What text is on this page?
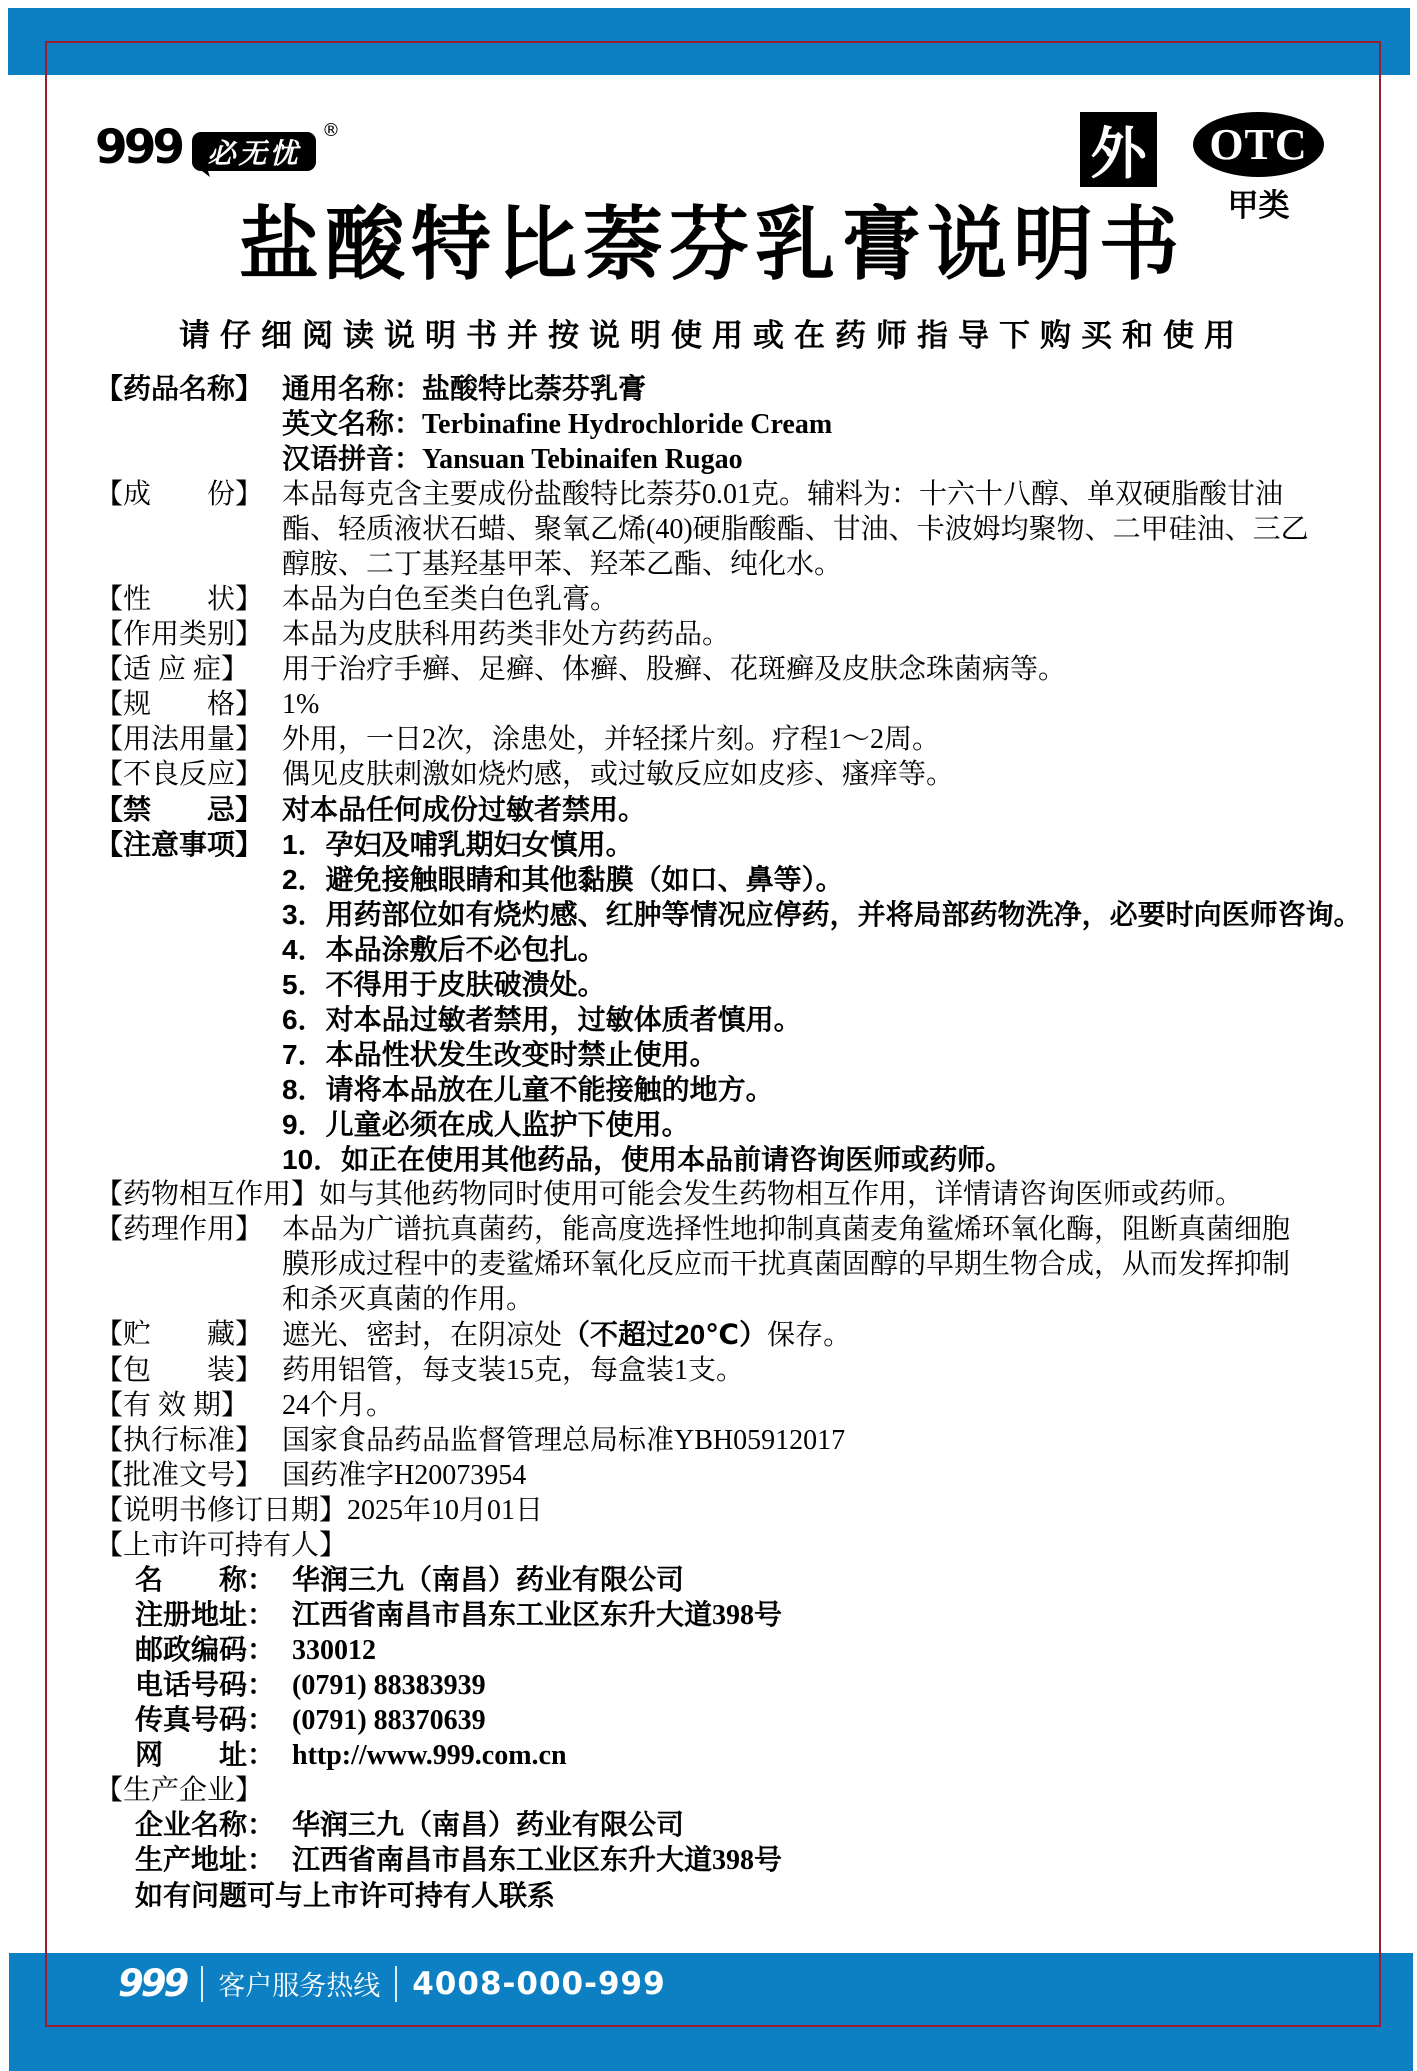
999 必无忧
®	外	OTC
甲类
盐酸特比萘芬乳膏说明书
请仔细阅读说明书并按说明使用或在药师指导下购买和使用
【药品名称】 通用名称：盐酸特比萘芬乳膏
英文名称：Terbinafine Hydrochloride Cream
汉语拼音：Yansuan Tebinaifen Rugao
【成　　份】 本品每克含主要成份盐酸特比萘芬0.01克。辅料为：十六十八醇、单双硬脂酸甘油
酯、轻质液状石蜡、聚氧乙烯(40)硬脂酸酯、甘油、卡波姆均聚物、二甲硅油、三乙
醇胺、二丁基羟基甲苯、羟苯乙酯、纯化水。
【性　　状】 本品为白色至类白色乳膏。
【作用类别】 本品为皮肤科用药类非处方药药品。
【适 应 症】	用于治疗手癣、足癣、体癣、股癣、花斑癣及皮肤念珠菌病等。
【规　　格】 1%
【用法用量】 外用，一日2次，涂患处，并轻揉片刻。疗程1～2周。
【不良反应】 偶见皮肤刺激如烧灼感，或过敏反应如皮疹、瘙痒等。
【禁　　忌】 对本品任何成份过敏者禁用。
【注意事项】 1．孕妇及哺乳期妇女慎用。
2．避免接触眼睛和其他黏膜（如口、鼻等）。
3．用药部位如有烧灼感、红肿等情况应停药，并将局部药物洗净，必要时向医师咨询。
4．本品涂敷后不必包扎。
5．不得用于皮肤破溃处。
6．对本品过敏者禁用，过敏体质者慎用。
7．本品性状发生改变时禁止使用。
8．请将本品放在儿童不能接触的地方。
9．儿童必须在成人监护下使用。
10．如正在使用其他药品，使用本品前请咨询医师或药师。
【药物相互作用】 如与其他药物同时使用可能会发生药物相互作用，详情请咨询医师或药师。
【药理作用】 本品为广谱抗真菌药，能高度选择性地抑制真菌麦角鲨烯环氧化酶，阻断真菌细胞
膜形成过程中的麦鲨烯环氧化反应而干扰真菌固醇的早期生物合成，从而发挥抑制
和杀灭真菌的作用。
【贮　　藏】 遮光、密封，在阴凉处（不超过20℃）保存。
【包　　装】 药用铝管，每支装15克，每盒装1支。
【有 效 期】	24个月。
【执行标准】 国家食品药品监督管理总局标准YBH05912017
【批准文号】 国药准字H20073954
【说明书修订日期】 2025年10月01日
【上市许可持有人】
名　　称： 华润三九（南昌）药业有限公司
注册地址： 江西省南昌市昌东工业区东升大道398号
邮政编码： 330012
电话号码： (0791) 88383939
传真号码： (0791) 88370639
网　　址： http://www.999.com.cn
【生产企业】
企业名称： 华润三九（南昌）药业有限公司
生产地址： 江西省南昌市昌东工业区东升大道398号
如有问题可与上市许可持有人联系
999 客户服务热线 4008-000-999
